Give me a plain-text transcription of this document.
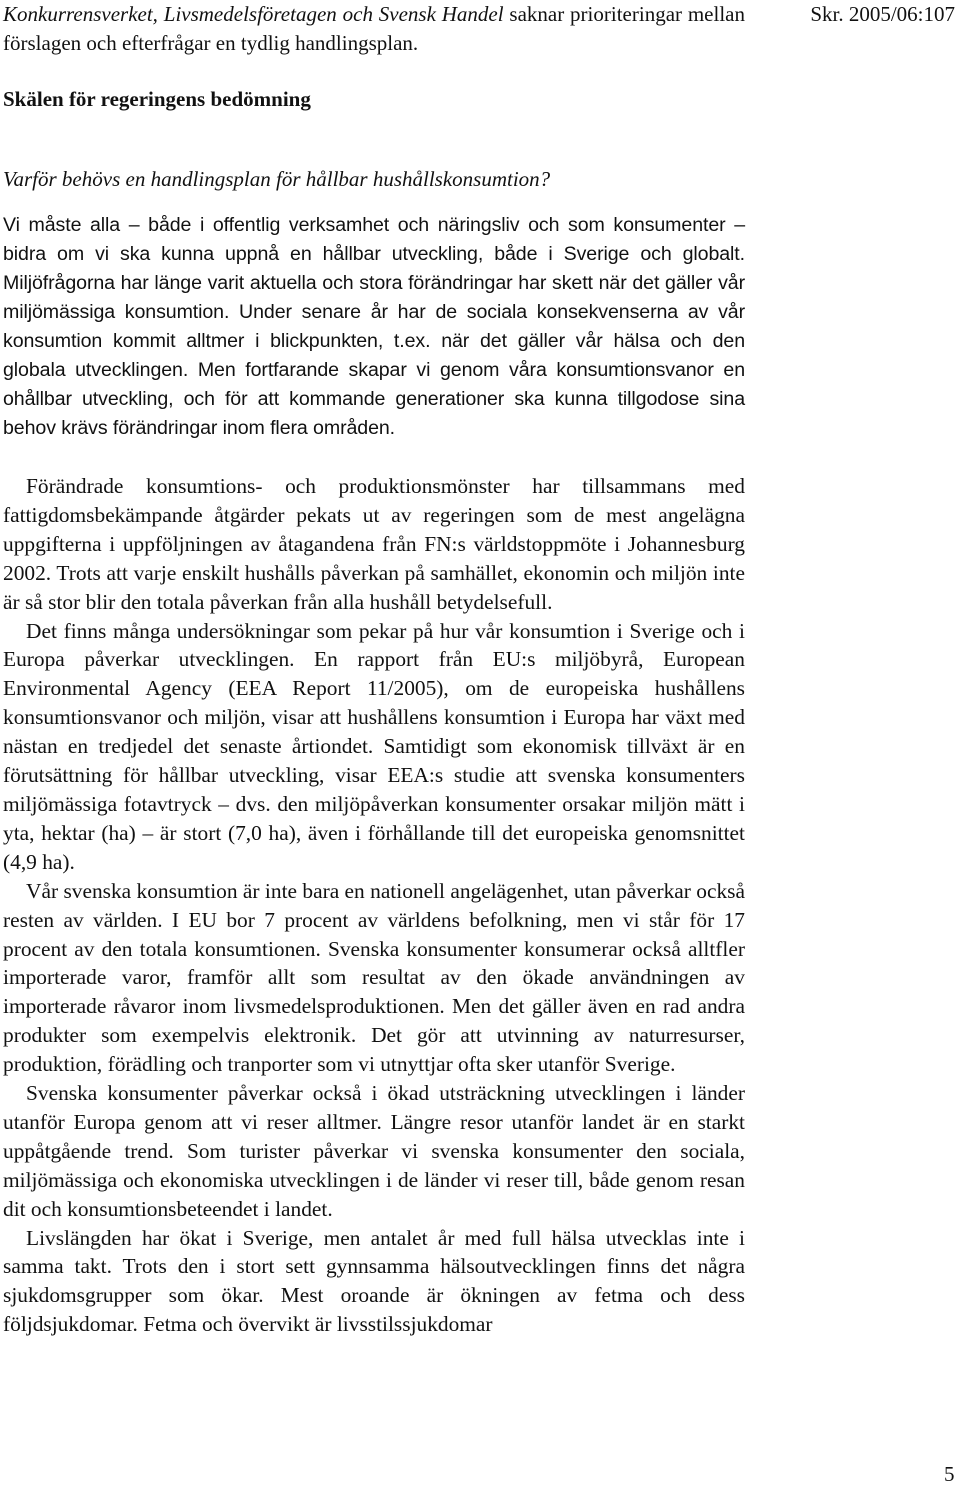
Konkurrensverket, Livsmedelsföretagen och Svensk Handel saknar prioriteringar mellan förslagen och efterfrågar en tydlig handlingsplan.

Skr. 2005/06:107

Skälen för regeringens bedömning
Varför behövs en handlingsplan för hållbar hushållskonsumtion?

Vi måste alla – både i offentlig verksamhet och näringsliv och som konsumenter – bidra om vi ska kunna uppnå en hållbar utveckling, både i Sverige och globalt. Miljöfrågorna har länge varit aktuella och stora förändringar har skett när det gäller vår miljömässiga konsumtion. Under senare år har de sociala konsekvenserna av vår konsumtion kommit alltmer i blickpunkten, t.ex. när det gäller vår hälsa och den globala utvecklingen. Men fortfarande skapar vi genom våra konsumtionsvanor en ohållbar utveckling, och för att kommande generationer ska kunna tillgodose sina behov krävs förändringar inom flera områden.

Förändrade konsumtions- och produktionsmönster har tillsammans med fattigdomsbekämpande åtgärder pekats ut av regeringen som de mest angelägna uppgifterna i uppföljningen av åtagandena från FN:s världstoppmöte i Johannesburg 2002. Trots att varje enskilt hushålls påverkan på samhället, ekonomin och miljön inte är så stor blir den totala påverkan från alla hushåll betydelsefull.

Det finns många undersökningar som pekar på hur vår konsumtion i Sverige och i Europa påverkar utvecklingen. En rapport från EU:s miljöbyrå, European Environmental Agency (EEA Report 11/2005), om de europeiska hushållens konsumtionsvanor och miljön, visar att hushållens konsumtion i Europa har växt med nästan en tredjedel det senaste årtiondet. Samtidigt som ekonomisk tillväxt är en förutsättning för hållbar utveckling, visar EEA:s studie att svenska konsumenters miljömässiga fotavtryck – dvs. den miljöpåverkan konsumenter orsakar miljön mätt i yta, hektar (ha) – är stort (7,0 ha), även i förhållande till det europeiska genomsnittet (4,9 ha).

Vår svenska konsumtion är inte bara en nationell angelägenhet, utan påverkar också resten av världen. I EU bor 7 procent av världens befolkning, men vi står för 17 procent av den totala konsumtionen. Svenska konsumenter konsumerar också alltfler importerade varor, framför allt som resultat av den ökade användningen av importerade råvaror inom livsmedelsproduktionen. Men det gäller även en rad andra produkter som exempelvis elektronik. Det gör att utvinning av naturresurser, produktion, förädling och tranporter som vi utnyttjar ofta sker utanför Sverige.

Svenska konsumenter påverkar också i ökad utsträckning utvecklingen i länder utanför Europa genom att vi reser alltmer. Längre resor utanför landet är en starkt uppåtgående trend. Som turister påverkar vi svenska konsumenter den sociala, miljömässiga och ekonomiska utvecklingen i de länder vi reser till, både genom resan dit och konsumtionsbeteendet i landet.

Livslängden har ökat i Sverige, men antalet år med full hälsa utvecklas inte i samma takt. Trots den i stort sett gynnsamma hälsoutvecklingen finns det några sjukdomsgrupper som ökar. Mest oroande är ökningen av fetma och dess följdsjukdomar. Fetma och övervikt är livsstilssjukdomar

5
